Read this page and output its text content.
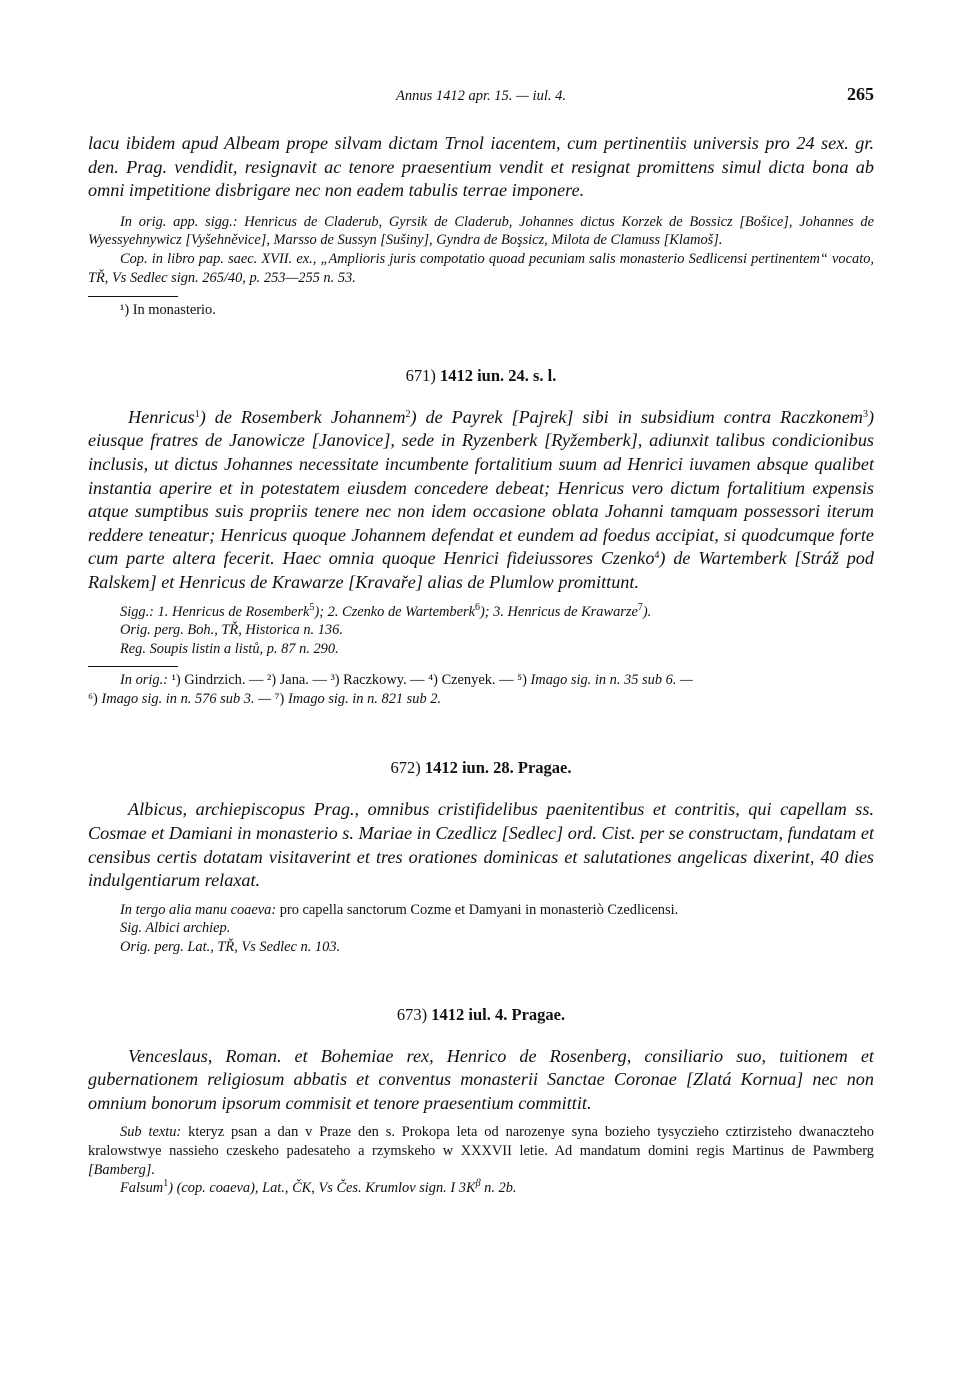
Annus 1412 apr. 15. — iul. 4.	265

lacu ibidem apud Albeam prope silvam dictam Trnol iacentem, cum pertinentiis universis pro 24 sex. gr. den. Prag. vendidit, resignavit ac tenore praesentium vendit et resignat promittens simul dicta bona ab omni impetitione disbrigare nec non eadem tabulis terrae imponere.

In orig. app. sigg.: Henricus de Claderub, Gyrsik de Claderub, Johannes dictus Korzek de Bossicz [Bošice], Johannes de Wyessyehnywicz [Vyšehněvice], Marsso de Sussyn [Sušiny], Gyndra de Boşsicz, Milota de Clamuss [Klamoš].

Cop. in libro pap. saec. XVII. ex., „Amplioris juris compotatio quoad pecuniam salis monasterio Sedlicensi pertinentem“ vocato, TŘ, Vs Sedlec sign. 265/40, p. 253—255 n. 53.

¹) In monasterio.

671) 1412 iun. 24. s. l.

Henricus$^1$) de Rosemberk Johannem$^2$) de Payrek [Pajrek] sibi in subsidium contra Raczkonem$^3$) eiusque fratres de Janowicze [Janovice], sede in Ryzenberk [Ryžemberk], adiunxit talibus condicionibus inclusis, ut dictus Johannes necessitate incumbente fortalitium suum ad Henrici iuvamen absque qualibet instantia aperire et in potestatem eiusdem concedere debeat; Henricus vero dictum fortalitium expensis atque sumptibus suis propriis tenere nec non idem occasione oblata Johanni tamquam possessori iterum reddere teneatur; Henricus quoque Johannem defendat et eundem ad foedus accipiat, si quodcumque forte cum parte altera fecerit. Haec omnia quoque Henrici fideiussores Czenko$^4$) de Wartemberk [Stráž pod Ralskem] et Henricus de Krawarze [Kravaře] alias de Plumlow promittunt.

Sigg.: 1. Henricus de Rosemberk$^5$); 2. Czenko de Wartemberk$^6$); 3. Henricus de Krawarze$^7$).

Orig. perg. Boh., TŘ, Historica n. 136.

Reg. Soupis listin a listů, p. 87 n. 290.

In orig.: ¹) Gindrzich. — ²) Jana. — ³) Raczkowy. — ⁴) Czenyek. — ⁵) Imago sig. in n. 35 sub 6. —
⁶) Imago sig. in n. 576 sub 3. — ⁷) Imago sig. in n. 821 sub 2.

672) 1412 iun. 28. Pragae.

Albicus, archiepiscopus Prag., omnibus cristifidelibus paenitentibus et contritis, qui capellam ss. Cosmae et Damiani in monasterio s. Mariae in Czedlicz [Sedlec] ord. Cist. per se constructam, fundatam et censibus certis dotatam visitaverint et tres orationes dominicas et salutationes angelicas dixerint, 40 dies indulgentiarum relaxat.

In tergo alia manu coaeva: pro capella sanctorum Cozme et Damyani in monasteriò Czedlicensi.

Sig. Albici archiep.

Orig. perg. Lat., TŘ, Vs Sedlec n. 103.

673) 1412 iul. 4. Pragae.

Venceslaus, Roman. et Bohemiae rex, Henrico de Rosenberg, consiliario suo, tuitionem et gubernationem religiosum abbatis et conventus monasterii Sanctae Coronae [Zlatá Kornua] nec non omnium bonorum ipsorum commisit et tenore praesentium committit.

Sub textu: kteryz psan a dan v Praze den s. Prokopa leta od narozenye syna bozieho tysyczieho cztirzisteho dwanaczteho kralowstwye nassieho czeskeho padesateho a rzymskeho w XXXVII letie. Ad mandatum domini regis Martinus de Pawmberg [Bamberg].

Falsum$^1$) (cop. coaeva), Lat., ČK, Vs Čes. Krumlov sign. I $3K^\beta$ n. 2b.
